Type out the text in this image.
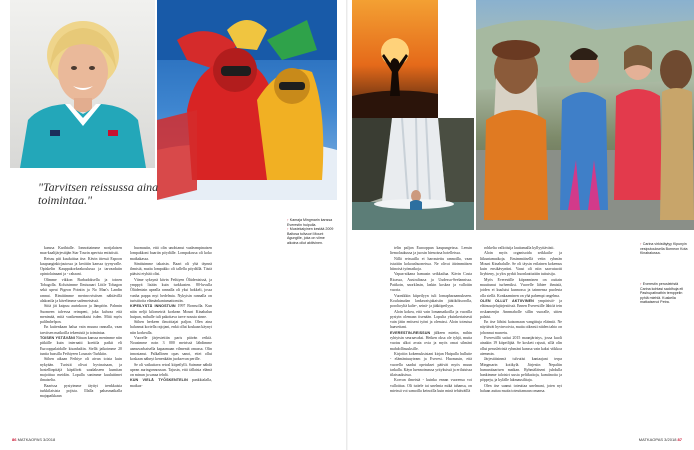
"Tarvitsen reissussa aina toimintaa."
↑ Kamaja Mingmarin kanssa Everestin huipulla.
↑ Mustekalyinen kestää 2009 Baltosa tulivuori Mount Agungille, joka on viime aikoina ollut aktiivinen.	↑ Carina virkistäytyy Kipunyin vesiputouksella Borneon Kota Kinabalussa.
↑ Everestin perusleiristä Carina kohtasi saddhuja eli Pashupatinathin temppelin pyhiä miehiä. Kuskella matkaisenoi Petra.

kanssa Karihtalle. Ionnottaimme nortjalaisen maa-kaalijärjestäjän Star Tourin aperista entististä.

Reissu piti kuuluittaa itse. Kävin ittessä Espoon kaupunginkirjastossa ja kerättin kanssa tyynyvalle. Opiskelin Kauppakorkeakoulussa ja tarvaadutin opintolainaani ja - rahaani.

Olimme vikkon Barbadoksella ja toinen Tobagolla. Koluisimme Ilmisaaart Little Tobagon sekä upeat Pigeon Pointin ja No Man's Landin rannat. Rimittimme merinrovisitsen nähtävillä alakonila ja kävelimme sademetsässä.

Siitä jäi kaipuu aurinkoon ja lämpöön. Palnnin Suomeen talvessa reimpeni, joka kahvaa että menimää, mitä vastkemmäkaisi isden. Mitä myös palilmhelpon.

En kuitenkaan halua vain muuna rannalla, vaan tarvitsen matkoilla tekemistä ja toimintaa.

TOISEN YSTÄVÄNI Nituan kanssa menimme niin pitkälle kuin internatti koettila paikit eli Eurooppalaidalle kisanhaltin. Siellä jatkoimme 20 tuntia bussilla Fethiyeen Lounais-Turkkiin.

Siihen aikaan Fethiye oli aivan toista kuin nykyään. Turistit olivat hyvinaisaan, ja hostellinpitäjä käpälivät saadakseen kumitan majoittua meidän. Lopulla sanimme kuuluttimet ihnaiselta.

Baarissa pystyimme täyttyi trenkkaisia turkkilaisista pojista. Illalla pahasmatkalla majapaikkaan

huomasiin, että olin unohtanut vaaleampinaisen lompakkoni baariin pöydälle. Lompakossa oli koko matkakassa.

Säntäsimme takaisin. Baari oli yhä täynnä ihmisiä, mutta lompakko oli tallella pöydällä. Tästä pääsisi etyhää olisi.

Viime syksynä kävin Fethiyen Ölüdenizissä, ja ymppyä lisään kuin turkkusten. 80-luvulla Ölüdenizin upealla rannalla oli yksi hokkeli, jossa vanha pappa myi hedelmia. Nykyisin rannalla on turistitoita elämänkantamattomiin.

KIPEILYSTÄ INNOSTUIN 1997 Bornsolla. Kun näin neljä kilometriä korkean Mount Kinabalun huipun, mihulle tuli pakottava tarve nousta sinne.

Siihen herkeen ilmoittajat paljon. Olen aina halunnut kortella rajojani, enkä ollut koskaan käynyt niin korkealla.

Vuorelle järjestettiin paris päivän retkiä. Nousimme noin 3 000 metrissä lähdimme aamuvarhaisella kapaamaan vilmentä omassa. Olin innostanut. Palkallinen opas sanoi, ettei ollut koskaan nähnyt kenenkään juoksevan perille.

Se oli vaikuttava retosl kiipeilylli. Saimme nähdä upean auringonnousun. Tajusin, että tällaista elämä on minun ja sanaa tehdä.

KUN VIELÄ TYÖSKENTELIN pankkialalla, matkus-

telin paljon Eurooppan kaupungeissa. Lensin liemolaukussa ja juoxin hienoissa hotelleissa.

Nillä reissuilla ei harrastettu rannoilla, vaan istuttiin kokoushuoneissa. Ne olivat äärimmäisen hiinoisä työmatkoja.

Vapaa-aikana hamusin seikkailua. Kävin Costa Ricassa, Australiassa ja Uudessa-Seelannissa. Patikoin, snorklasin, laskin koskea ja valloitin vuoria.

Vuonikkin kiipeilyyn tuli lomapharaamukseen. Koulutaudan lankavaisjakaisiin jäätiköksorolla, poroltoyltä kalte-, seinä- ja jääkiipeilyyn.

Aloin kokea, että vain lomamatkoilla ja vuorilla pystyin olemaan itsenään. Lopulta yksinkertaisesti vain jätin entiseni työni ja olemissi. Aloin toteutua haaveitani.

EVERESTIN-REISSUN jälkeen mietin, mihin ryhtyisin seuraavaksi. Hetken oksa ole tyhjä, mutta vuotas alkoi avata ovia ja myös omat silmäni mahdollisuuksille.

Kirjoitin kokemuksistani kirjan Huipulla hullutte - elämäntuuyteam ja Everest. Huomasin, että vuorella saadut opetukset pätivät myös muun tarkalla. Käyn luennoimassa yrityksissä ja erilaisissa tilaisuuksissa.

Korvan ilmeistä - kuinka ennan vuorensa voi valloittaa. Oli tuttele tai unelmia mikä tahansa, on mieissä voi samoilla keinoilla kuin minä tehtäväillä

rohkelta valloitsija lauttamalla kyllyyttävästi.

Aloin myös organisoida seikkailu- ja liikuntamatkoja. Ensimmäisellä veiin ryhmän Mount Kinabalulle. Se oli täysin erilainen kokemus kuin ensikävyntini. Vaast oli niin saavutuotti liryhteny, ja ylos pyrkii huonlaattuttiin tuttuisiju.

Myös Everestille kiipeaminen on outtain muuttunut turhemiksi. Vuorelle lähtee ihmisiä, joiden ei kuuluisi kunnossa ja tainnensa puolesta olla siellä. Konkaaminen on yhä pahempi ongelma.

OLEN OLLUT AKTIIVINEN ympäristö- ja eläinsuojelujärjestössä. Ennen Everestille lähtöä tein roskamenjin Annmaholle sillin vuoralle, sitten palaisi.

En itse lähtisi katsomaan vangittuja eläimiä. Ne näyttävät hyvinvoivia, mutta oikeasti niiden tahto on johonnut murretu.

Everestillä sattui 2015 maanjäristys, jossa kuoli ainakin 19 kiipeilijää. Se koskett rajusti, sillä olin ollut perusleiristä ryhmäni kanssa vain kaksi viikkoa aiemmin.

Järjestäisinmä tulvutisi kantaajani terpa Mingmarin kotikylä. Järjestin Nepaliin humanitaarisen matkan. Ryhmäläiseni juhdulla hankimme talotsirt uusta peltikattoja, kamiinoita ja pöppeju, ja kylälle lakmausilitaja.

Olen itse saanut toteuttaa unelmani, joten nyt haluan auttaa muita toteuttamaan omansa.

86 MATKAOPAS 3/2018	MATKAOPAS 3/2018 87
